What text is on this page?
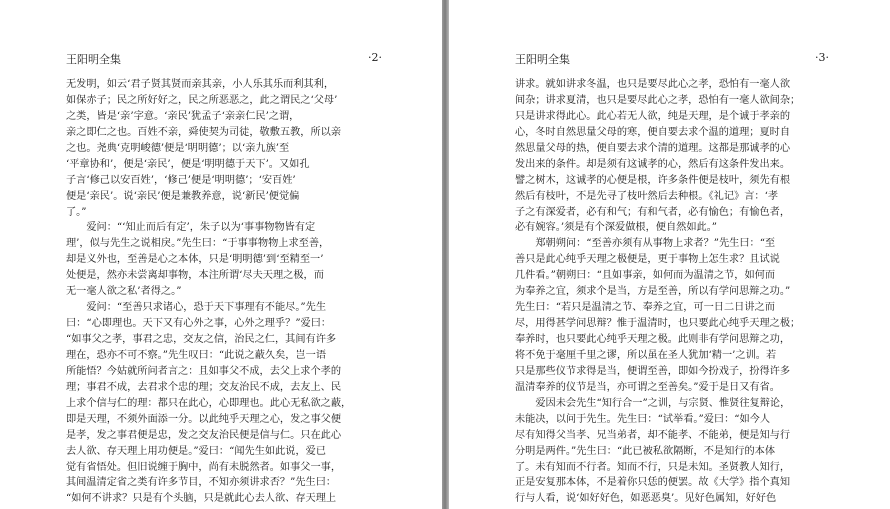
王阳明全集	·2·
无发明，如云‘君子贤其贤而亲其亲，小人乐其乐而利其利，
如保赤子；民之所好好之，民之所恶恶之，此之谓民之‘父母’
之类，皆是‘亲’字意。‘亲民’犹孟子‘亲亲仁民’之谓，
亲之即仁之也。百姓不亲，舜使契为司徒，敬敷五教，所以亲
之也。尧典‘克明峻德’便是‘明明德’；以‘亲九族’至
‘平章协和’，便是‘亲民’，便是‘明明德于天下’。又如孔
子言‘修己以安百姓’，‘修己’便是‘明明德’；‘安百姓’
便是‘亲民’。说‘亲民’便是兼教养意，说‘新民’便觉偏
了。”
　　爱问：“‘知止而后有定’，朱子以为‘事事物物皆有定
理’，似与先生之说相戾。”先生曰：“于事事物物上求至善，
却是义外也，至善是心之本体，只是‘明明德’到‘至精至一’
处便是，然亦未尝离却事物，本注所谓‘尽夫天理之极，而
无一毫人欲之私’者得之。”
　　爱问：“至善只求诸心，恐于天下事理有不能尽。”先生
曰：“心即理也。天下又有心外之事，心外之理乎？”爱曰：
“如事父之孝，事君之忠，交友之信，治民之仁，其间有许多
理在，恐亦不可不察。”先生叹曰：“此说之蔽久矣，岂一语
所能悟？今姑就所问者言之：且如事父不成，去父上求个孝的
理；事君不成，去君求个忠的理；交友治民不成，去友上、民
上求个信与仁的理：都只在此心，心即理也。此心无私欲之蔽，
即是天理，不须外面添一分。以此纯乎天理之心，发之事父便
是孝，发之事君便是忠，发之交友治民便是信与仁。只在此心
去人欲、存天理上用功便是。”爱曰：“闻先生如此说，爱已
觉有省悟处。但旧说缠于胸中，尚有未脱然者。如事父一事，
其间温清定省之类有许多节目，不知亦须讲求否？”先生曰：
“如何不讲求？只是有个头脑，只是就此心去人欲、存天理上
王阳明全集	·3·
讲求。就如讲求冬温，也只是要尽此心之孝，恐怕有一毫人欲
间杂；讲求夏清，也只是要尽此心之孝，恐怕有一毫人欲间杂；
只是讲求得此心。此心若无人欲，纯是天理，是个诚于孝亲的
心，冬时自然思量父母的寒，便自要去求个温的道理；夏时自
然思量父母的热，便自要去求个清的道理。这都是那诚孝的心
发出来的条件。却是须有这诚孝的心，然后有这条件发出来。
譬之树木，这诚孝的心便是根，许多条件便是枝叶，须先有根
然后有枝叶，不是先寻了枝叶然后去种根。《礼记》言：‘孝
子之有深爱者，必有和气；有和气者，必有愉色；有愉色者，
必有婉容。’须是有个深爱做根，便自然如此。”
　　郑朝朔问：“至善亦须有从事物上求者？”先生曰：“至
善只是此心纯乎天理之极便是，更于事物上怎生求？且试说
几件看。”朝朔曰：“且如事亲，如何而为温清之节，如何而
为奉养之宜，须求个是当，方是至善，所以有学问思辩之功。”
先生曰：“若只是温清之节、奉养之宜，可一日二日讲之而
尽，用得甚学问思辩？惟于温清时，也只要此心纯乎天理之极；
奉养时，也只要此心纯乎天理之极。此则非有学问思辩之功，
将不免于毫厘千里之谬，所以虽在圣人犹加‘精一’之训。若
只是那些仪节求得是当，便谓至善，即如今扮戏子，扮得许多
温清奉养的仪节是当，亦可谓之至善矣。”爱于是日又有省。
　　爱因未会先生“知行合一”之训，与宗贤、惟贤往复辩论，
未能决，以问于先生。先生曰：“试举看。”爱曰：“如今人
尽有知得父当孝、兄当弟者，却不能孝、不能弟，便是知与行
分明是两件。”先生曰：“此已被私欲隔断，不是知行的本体
了。未有知而不行者。知而不行，只是未知。圣贤教人知行，
正是安复那本体，不是着你只恁的便罢。故《大学》指个真知
行与人看，说‘如好好色，如恶恶臭’。见好色属知，好好色
